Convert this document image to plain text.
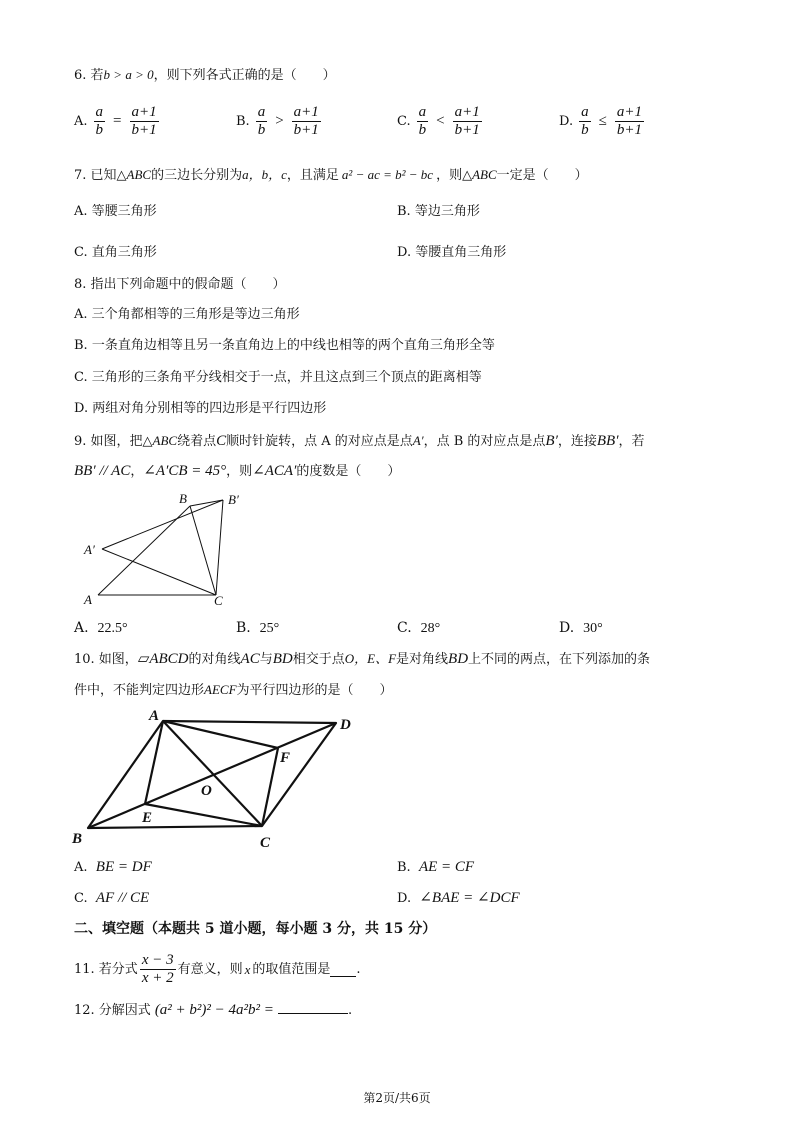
6. 若b > a > 0，则下列各式正确的是（　　）
A. $\frac{a}{b} = \frac{a+1}{b+1}$	B. $\frac{a}{b} > \frac{a+1}{b+1}$	C. $\frac{a}{b} < \frac{a+1}{b+1}$	D. $\frac{a}{b} \le \frac{a+1}{b+1}$
7. 已知△ABC的三边长分别为a，b，c，且满足 a² − ac = b² − bc ，则△ABC一定是（　　）
A. 等腰三角形	B. 等边三角形
C. 直角三角形	D. 等腰直角三角形
8. 指出下列命题中的假命题（　　）
A. 三个角都相等的三角形是等边三角形
B. 一条直角边相等且另一条直角边上的中线也相等的两个直角三角形全等
C. 三角形的三条角平分线相交于一点，并且这点到三个顶点的距离相等
D. 两组对角分别相等的四边形是平行四边形
9. 如图，把△ABC绕着点C顺时针旋转，点 A 的对应点是点A′，点 B 的对应点是点B′，连接BB′，若
BB′ // AC，∠A′CB = 45°，则∠ACA′的度数是（　　）
B	B′
A′
A	C
A. 22.5°	B. 25°	C. 28°	D. 30°
10. 如图，▱ABCD的对角线AC与BD相交于点O，E、F是对角线BD上不同的两点，在下列添加的条
件中，不能判定四边形AECF为平行四边形的是（　　）
A
D
F
O
E
B	C
A. BE = DF	B. AE = CF
C. AF // CE	D. ∠BAE = ∠DCF
二、填空题（本题共 5 道小题，每小题 3 分，共 15 分）
11. 若分式 $\frac{x - 3}{x + 2}$ 有意义，则 x 的取值范围是 .
12. 分解因式 (a² + b²)² − 4a²b² =	.
第2页/共6页
